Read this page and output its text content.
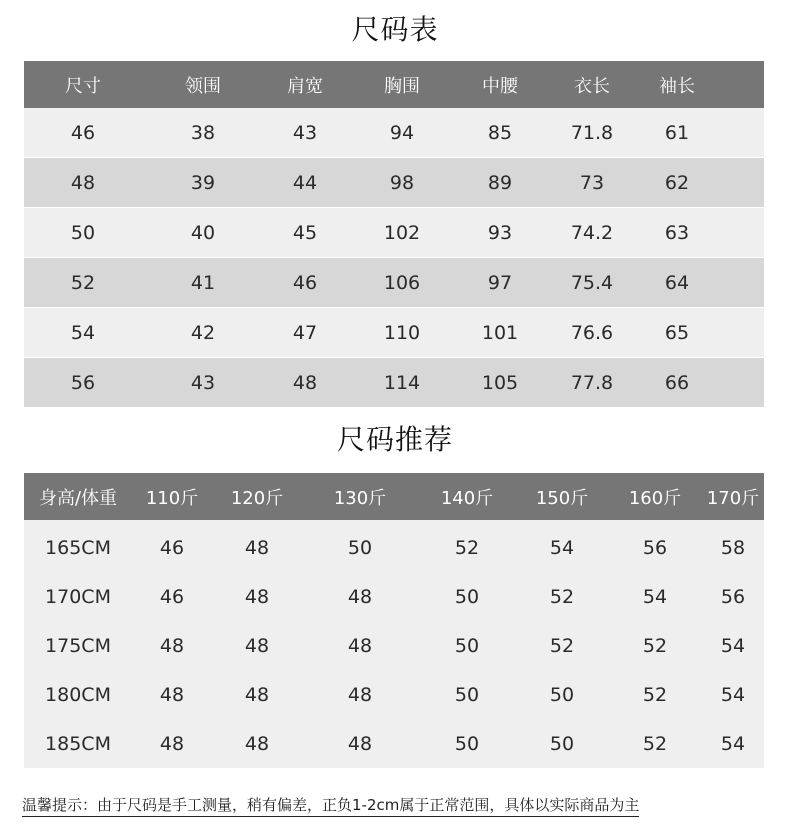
尺码表
尺寸	领围	肩宽	胸围	中腰	衣长	袖长
46	38	43	94	85	71.8	61
48	39	44	98	89	73	62
50	40	45	102	93	74.2	63
52	41	46	106	97	75.4	64
54	42	47	110	101	76.6	65
56	43	48	114	105	77.8	66
尺码推荐
身高/体重	110斤	120斤	130斤	140斤	150斤	160斤	170斤
165CM	46	48	50	52	54	56	58
170CM	46	48	48	50	52	54	56
175CM	48	48	48	50	52	52	54
180CM	48	48	48	50	50	52	54
185CM	48	48	48	50	50	52	54
温馨提示：由于尺码是手工测量，稍有偏差，正负1-2cm属于正常范围，具体以实际商品为主
